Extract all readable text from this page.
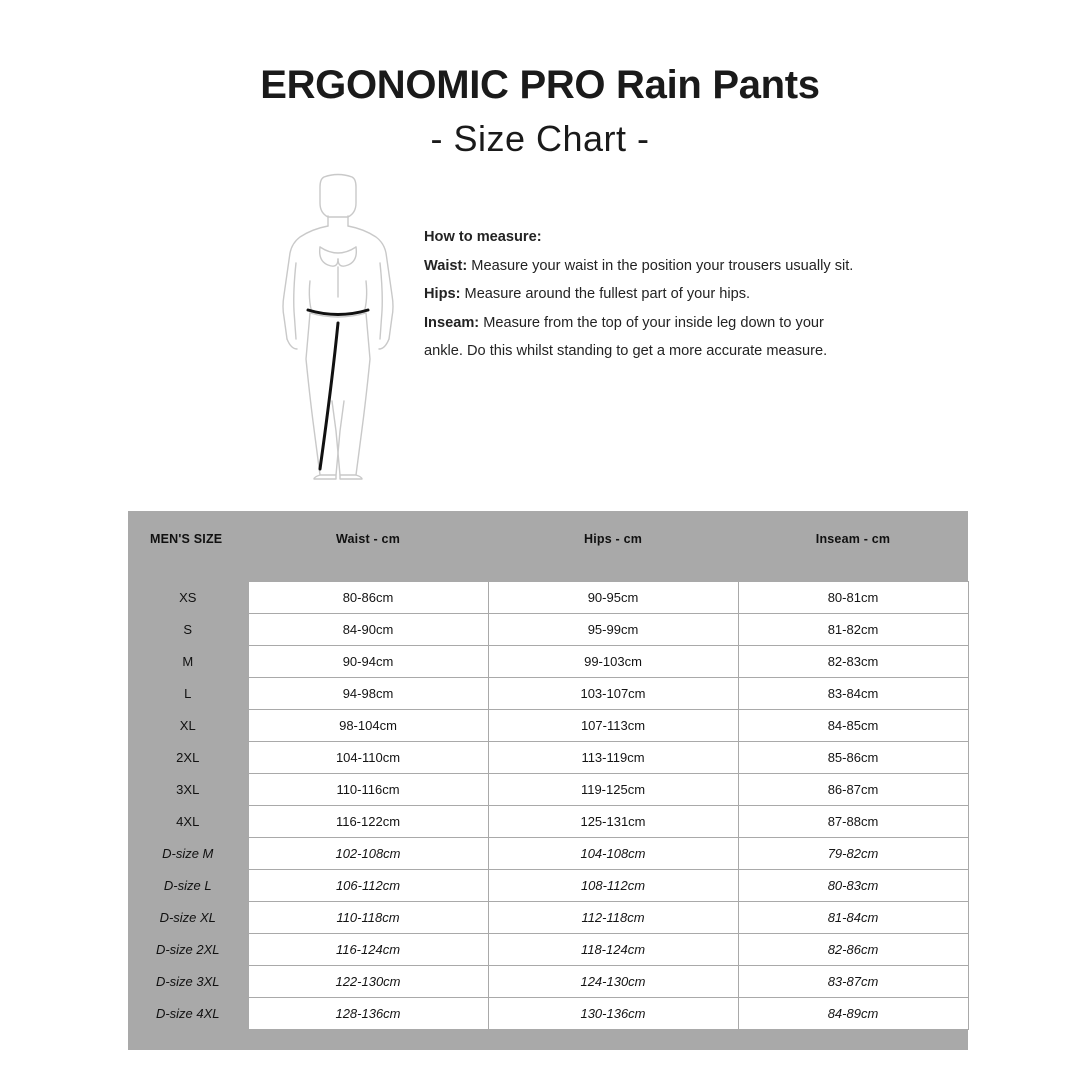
ERGONOMIC PRO Rain Pants
- Size Chart -
How to measure:
Waist: Measure your waist in the position your trousers usually sit.
Hips: Measure around the fullest part of your hips.
Inseam: Measure from the top of your inside leg down to your
ankle. Do this whilst standing to get a more accurate measure.
MEN'S SIZE	Waist - cm	Hips - cm	Inseam - cm

XS	80-86cm	90-95cm	80-81cm
S	84-90cm	95-99cm	81-82cm
M	90-94cm	99-103cm	82-83cm
L	94-98cm	103-107cm	83-84cm
XL	98-104cm	107-113cm	84-85cm
2XL	104-110cm	113-119cm	85-86cm
3XL	110-116cm	119-125cm	86-87cm
4XL	116-122cm	125-131cm	87-88cm
D-size M	102-108cm	104-108cm	79-82cm
D-size L	106-112cm	108-112cm	80-83cm
D-size XL	110-118cm	112-118cm	81-84cm
D-size 2XL	116-124cm	118-124cm	82-86cm
D-size 3XL	122-130cm	124-130cm	83-87cm
D-size 4XL	128-136cm	130-136cm	84-89cm
